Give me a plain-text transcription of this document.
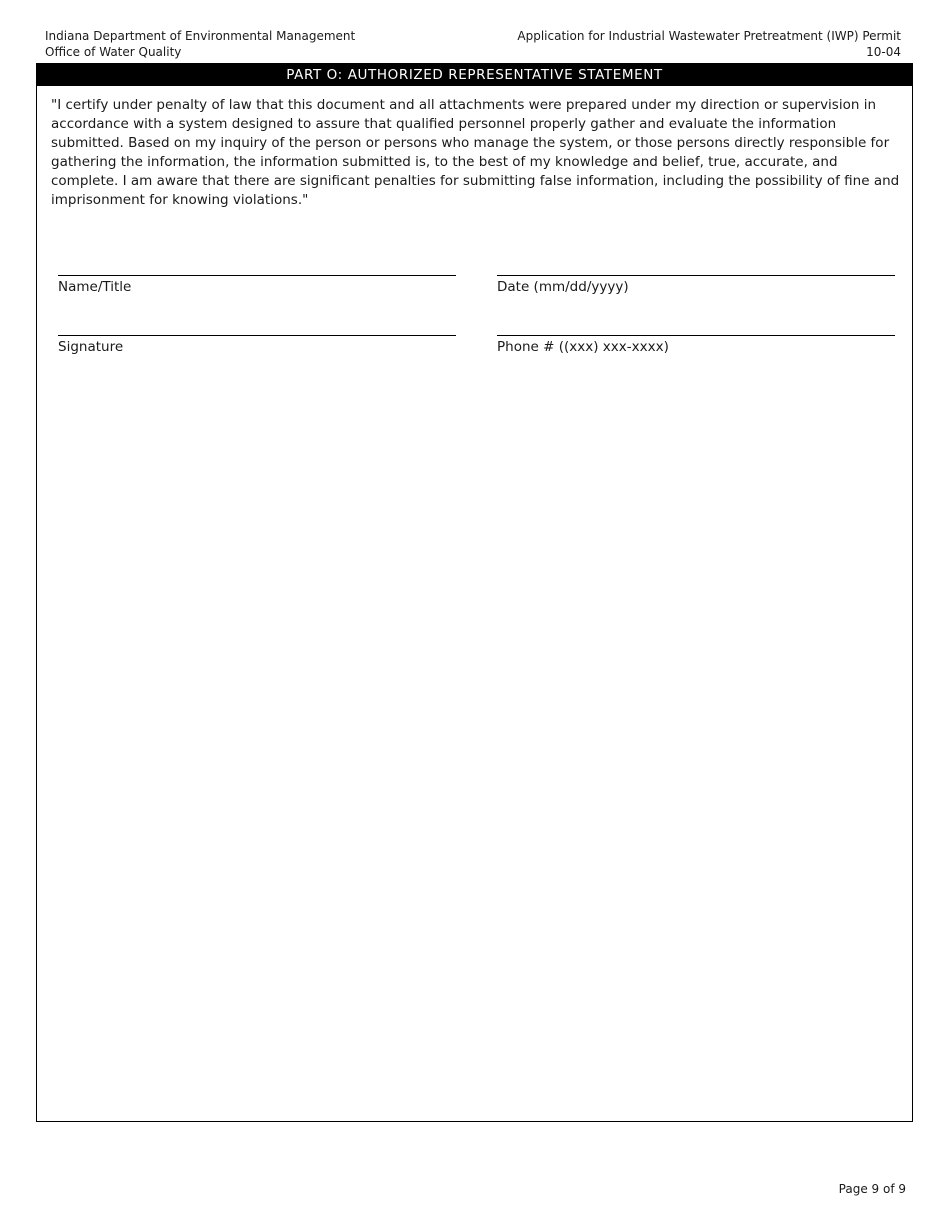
Indiana Department of Environmental Management
Office of Water Quality
Application for Industrial Wastewater Pretreatment (IWP) Permit
10-04
PART O: AUTHORIZED REPRESENTATIVE STATEMENT

"I certify under penalty of law that this document and all attachments were prepared under my direction or supervision in accordance with a system designed to assure that qualified personnel properly gather and evaluate the information submitted. Based on my inquiry of the person or persons who manage the system, or those persons directly responsible for gathering the information, the information submitted is, to the best of my knowledge and belief, true, accurate, and complete. I am aware that there are significant penalties for submitting false information, including the possibility of fine and imprisonment for knowing violations."

Name/Title	Date (mm/dd/yyyy)
Signature	Phone # ((xxx) xxx-xxxx)
Page 9 of 9
